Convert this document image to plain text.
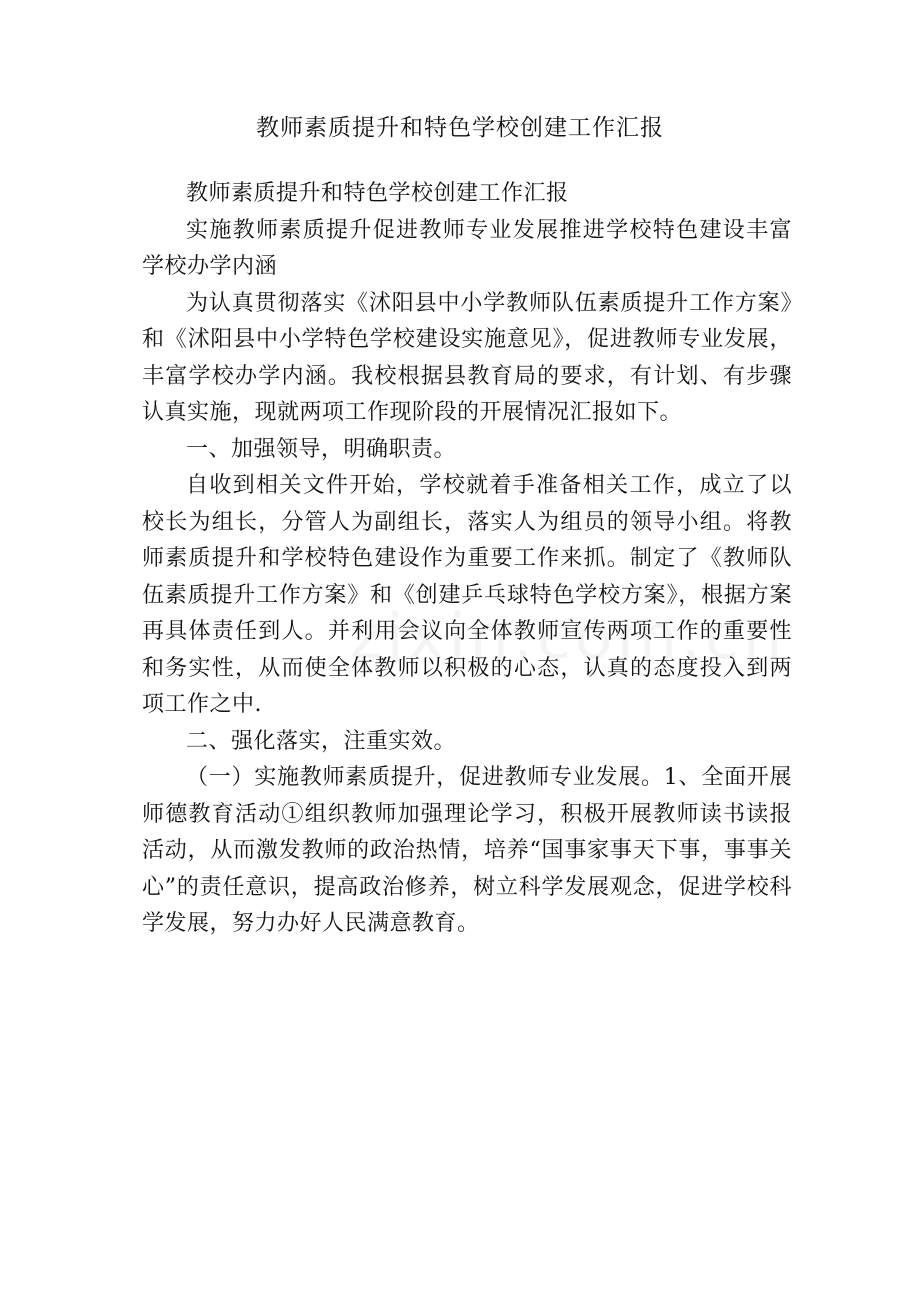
教师素质提升和特色学校创建工作汇报

教师素质提升和特色学校创建工作汇报

实施教师素质提升促进教师专业发展推进学校特色建设丰富学校办学内涵

为认真贯彻落实《沭阳县中小学教师队伍素质提升工作方案》和《沭阳县中小学特色学校建设实施意见》，促进教师专业发展，丰富学校办学内涵。我校根据县教育局的要求，有计划、有步骤认真实施，现就两项工作现阶段的开展情况汇报如下。

一、加强领导，明确职责。

自收到相关文件开始，学校就着手准备相关工作，成立了以校长为组长，分管人为副组长，落实人为组员的领导小组。将教师素质提升和学校特色建设作为重要工作来抓。制定了《教师队伍素质提升工作方案》和《创建乒乓球特色学校方案》，根据方案再具体责任到人。并利用会议向全体教师宣传两项工作的重要性和务实性，从而使全体教师以积极的心态，认真的态度投入到两项工作之中.

二、强化落实，注重实效。

（一）实施教师素质提升，促进教师专业发展。1、全面开展师德教育活动①组织教师加强理论学习，积极开展教师读书读报活动，从而激发教师的政治热情，培养“国事家事天下事，事事关心”的责任意识，提高政治修养，树立科学发展观念，促进学校科学发展，努力办好人民满意教育。
